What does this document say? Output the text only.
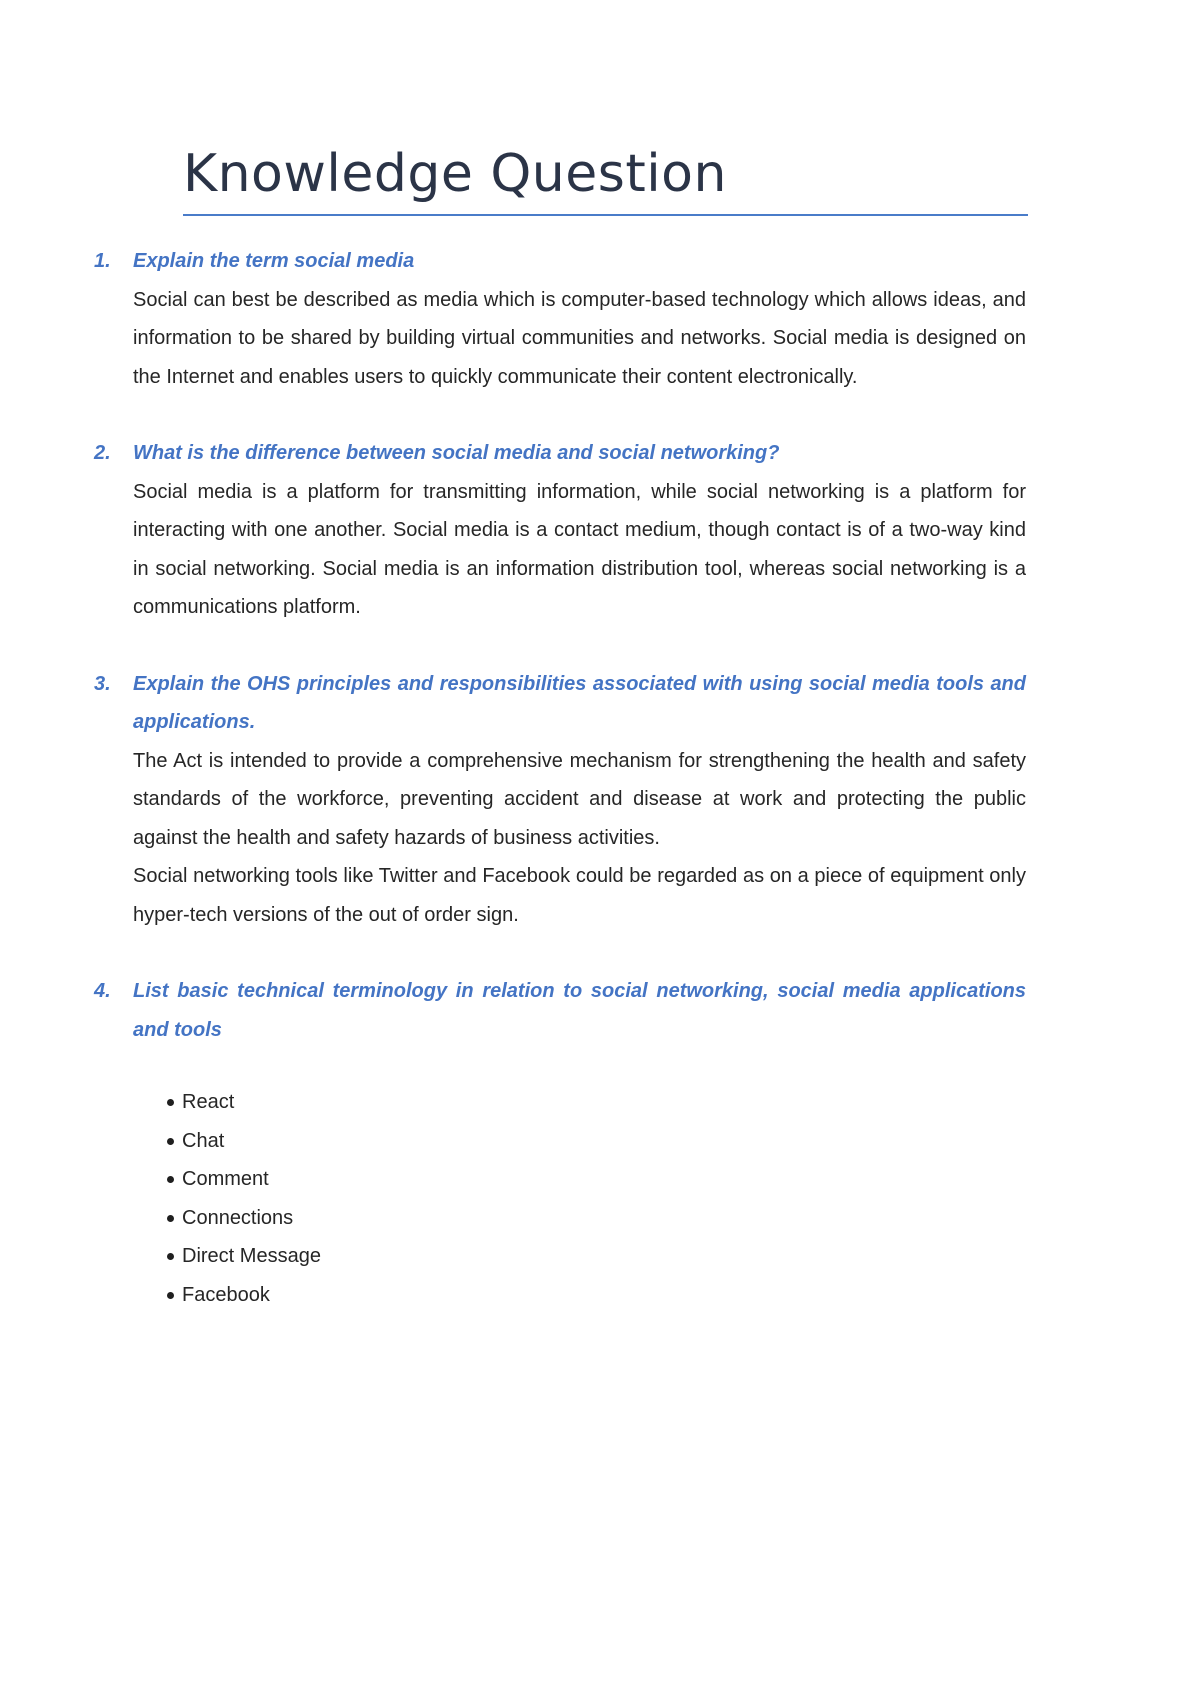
Knowledge Question
1. Explain the term social media

Social can best be described as media which is computer-based technology which allows ideas, and information to be shared by building virtual communities and networks. Social media is designed on the Internet and enables users to quickly communicate their content electronically.

2. What is the difference between social media and social networking?

Social media is a platform for transmitting information, while social networking is a platform for interacting with one another. Social media is a contact medium, though contact is of a two-way kind in social networking. Social media is an information distribution tool, whereas social networking is a communications platform.

3. Explain the OHS principles and responsibilities associated with using social media tools and applications.

The Act is intended to provide a comprehensive mechanism for strengthening the health and safety standards of the workforce, preventing accident and disease at work and protecting the public against the health and safety hazards of business activities.

Social networking tools like Twitter and Facebook could be regarded as on a piece of equipment only hyper-tech versions of the out of order sign.

4. List basic technical terminology in relation to social networking, social media applications and tools
React
Chat
Comment
Connections
Direct Message
Facebook
